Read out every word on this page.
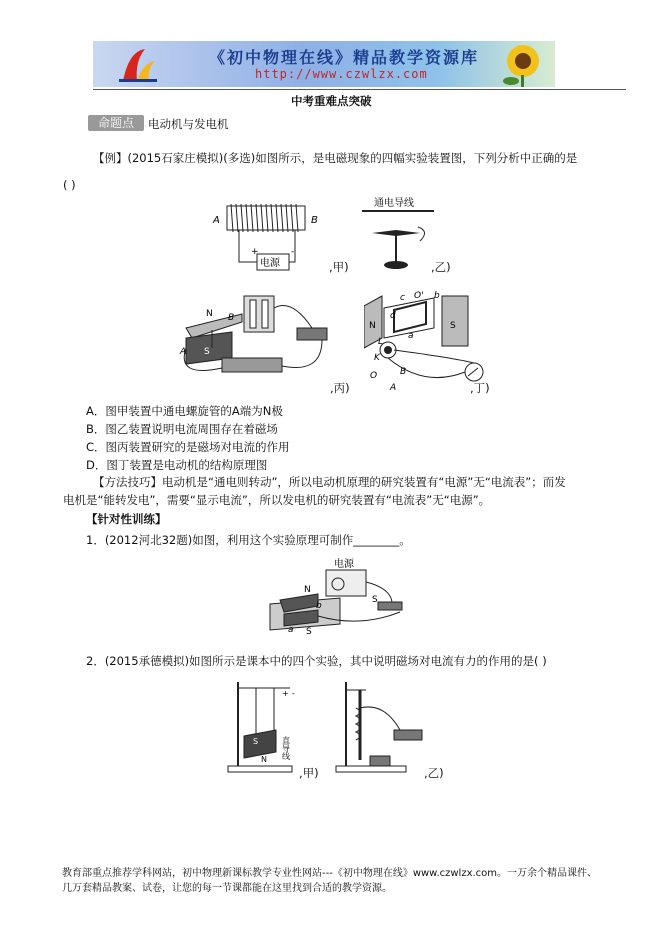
《初中物理在线》精品教学资源库
http://www.czwlzx.com
中考重难点突破
命题点	电动机与发电机
【例】(2015石家庄模拟)(多选)如图所示，是电磁现象的四幅实验装置图，下列分析中正确的是
( )
A	B
电源
+	-
,甲)
通电导线
,乙)
N
S
A
B
,丙)
N	S
c O' b
d
a
K
L
O	B
A	,丁)
A．图甲装置中通电螺旋管的A端为N极
B．图乙装置说明电流周围存在着磁场
C．图丙装置研究的是磁场对电流的作用
D．图丁装置是电动机的结构原理图
【方法技巧】电动机是“通电则转动”，所以电动机原理的研究装置有“电源”无“电流表”；而发
电机是“能转发电”，需要“显示电流”，所以发电机的研究装置有“电流表”无“电源”。
【针对性训练】
1．(2012河北32题)如图，利用这个实验原理可制作________。
电源
N
S
S
a
b
2．(2015承德模拟)如图所示是课本中的四个实验，其中说明磁场对电流有力的作用的是( )
S
N 直导线
+ -
,甲)	,乙)
教育部重点推荐学科网站，初中物理新课标教学专业性网站---《初中物理在线》www.czwlzx.com。一万余个精品课件、
几万套精品教案、试卷，让您的每一节课都能在这里找到合适的教学资源。
